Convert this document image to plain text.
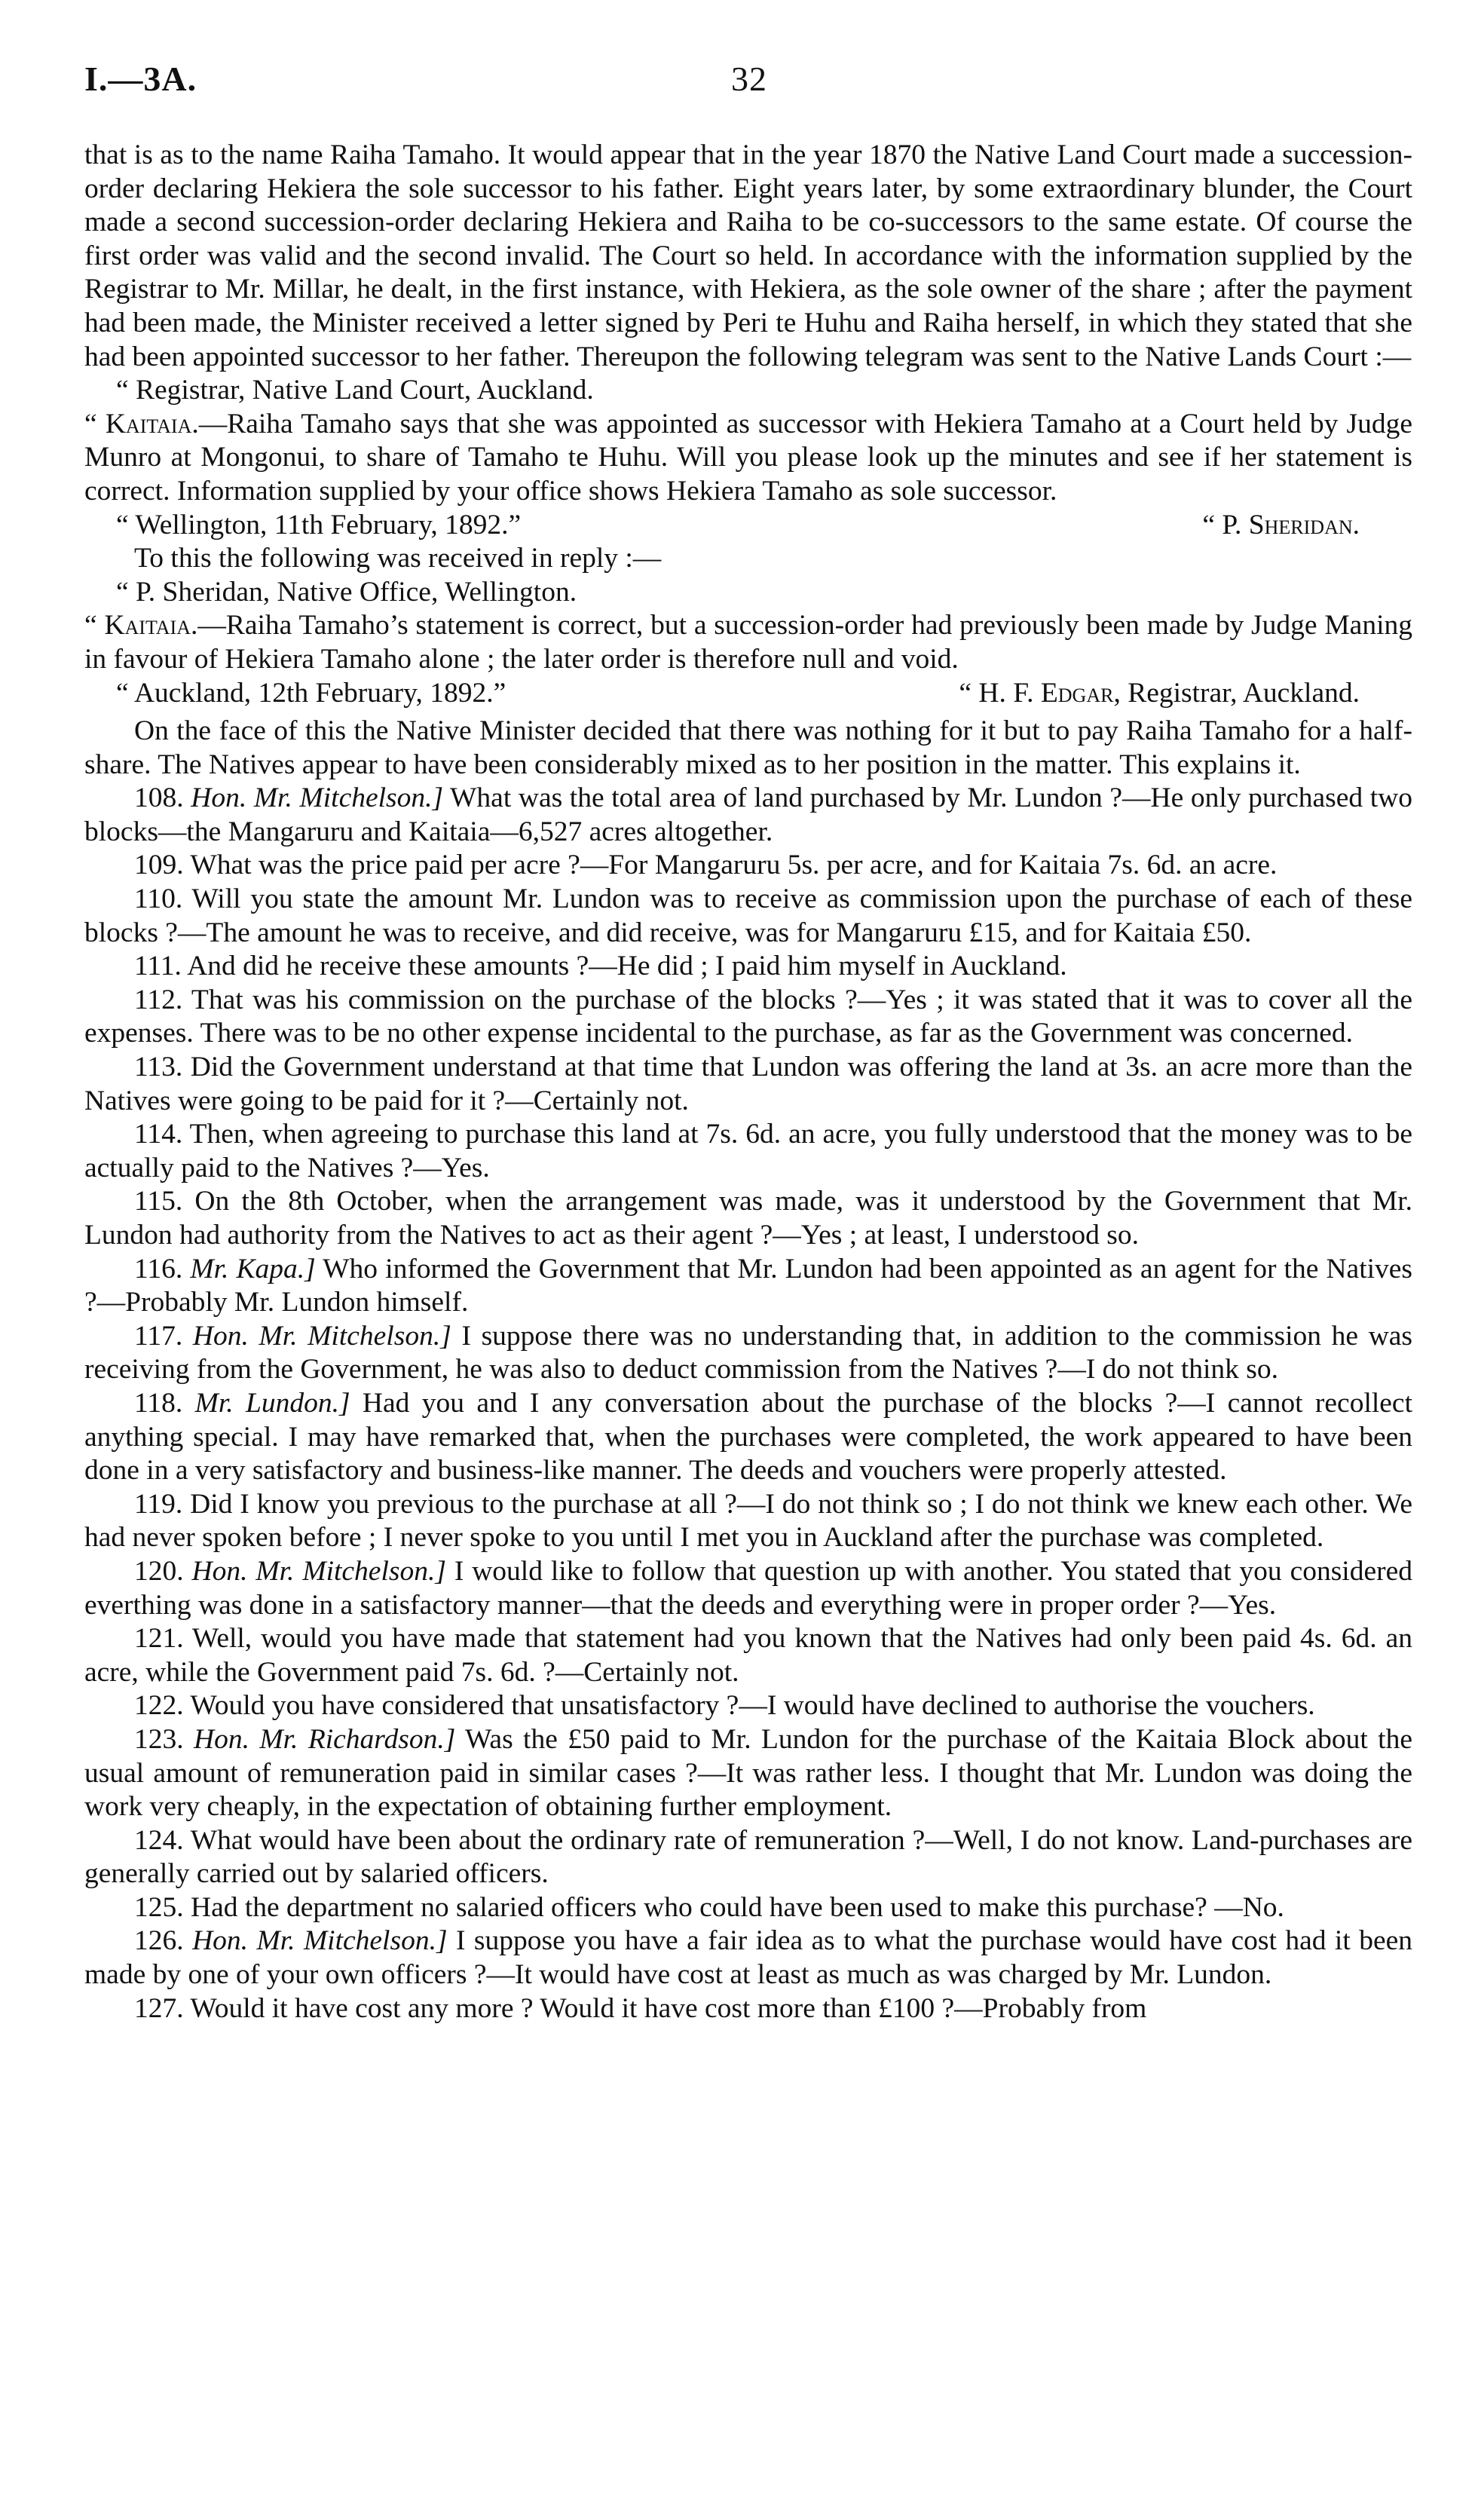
I.—3A.	32

that is as to the name Raiha Tamaho. It would appear that in the year 1870 the Native Land Court made a succession-order declaring Hekiera the sole successor to his father. Eight years later, by some extraordinary blunder, the Court made a second succession-order declaring Hekiera and Raiha to be co-successors to the same estate. Of course the first order was valid and the second invalid. The Court so held. In accordance with the information supplied by the Registrar to Mr. Millar, he dealt, in the first instance, with Hekiera, as the sole owner of the share ; after the payment had been made, the Minister received a letter signed by Peri te Huhu and Raiha herself, in which they stated that she had been appointed successor to her father. Thereupon the following telegram was sent to the Native Lands Court :—

“ Registrar, Native Land Court, Auckland.

“ Kaitaia.—Raiha Tamaho says that she was appointed as successor with Hekiera Tamaho at a Court held by Judge Munro at Mongonui, to share of Tamaho te Huhu. Will you please look up the minutes and see if her statement is correct. Information supplied by your office shows Hekiera Tamaho as sole successor.

“ Wellington, 11th February, 1892.”	“ P. Sheridan.

To this the following was received in reply :—

“ P. Sheridan, Native Office, Wellington.

“ Kaitaia.—Raiha Tamaho’s statement is correct, but a succession-order had previously been made by Judge Maning in favour of Hekiera Tamaho alone ; the later order is therefore null and void.

“ Auckland, 12th February, 1892.”	“ H. F. Edgar, Registrar, Auckland.

On the face of this the Native Minister decided that there was nothing for it but to pay Raiha Tamaho for a half-share. The Natives appear to have been considerably mixed as to her position in the matter. This explains it.

108. Hon. Mr. Mitchelson.] What was the total area of land purchased by Mr. Lundon ?—He only purchased two blocks—the Mangaruru and Kaitaia—6,527 acres altogether.

109. What was the price paid per acre ?—For Mangaruru 5s. per acre, and for Kaitaia 7s. 6d. an acre.

110. Will you state the amount Mr. Lundon was to receive as commission upon the purchase of each of these blocks ?—The amount he was to receive, and did receive, was for Mangaruru £15, and for Kaitaia £50.

111. And did he receive these amounts ?—He did ; I paid him myself in Auckland.

112. That was his commission on the purchase of the blocks ?—Yes ; it was stated that it was to cover all the expenses. There was to be no other expense incidental to the purchase, as far as the Government was concerned.

113. Did the Government understand at that time that Lundon was offering the land at 3s. an acre more than the Natives were going to be paid for it ?—Certainly not.

114. Then, when agreeing to purchase this land at 7s. 6d. an acre, you fully understood that the money was to be actually paid to the Natives ?—Yes.

115. On the 8th October, when the arrangement was made, was it understood by the Government that Mr. Lundon had authority from the Natives to act as their agent ?—Yes ; at least, I understood so.

116. Mr. Kapa.] Who informed the Government that Mr. Lundon had been appointed as an agent for the Natives ?—Probably Mr. Lundon himself.

117. Hon. Mr. Mitchelson.] I suppose there was no understanding that, in addition to the commission he was receiving from the Government, he was also to deduct commission from the Natives ?—I do not think so.

118. Mr. Lundon.] Had you and I any conversation about the purchase of the blocks ?—I cannot recollect anything special. I may have remarked that, when the purchases were completed, the work appeared to have been done in a very satisfactory and business-like manner. The deeds and vouchers were properly attested.

119. Did I know you previous to the purchase at all ?—I do not think so ; I do not think we knew each other. We had never spoken before ; I never spoke to you until I met you in Auckland after the purchase was completed.

120. Hon. Mr. Mitchelson.] I would like to follow that question up with another. You stated that you considered everthing was done in a satisfactory manner—that the deeds and everything were in proper order ?—Yes.

121. Well, would you have made that statement had you known that the Natives had only been paid 4s. 6d. an acre, while the Government paid 7s. 6d. ?—Certainly not.

122. Would you have considered that unsatisfactory ?—I would have declined to authorise the vouchers.

123. Hon. Mr. Richardson.] Was the £50 paid to Mr. Lundon for the purchase of the Kaitaia Block about the usual amount of remuneration paid in similar cases ?—It was rather less. I thought that Mr. Lundon was doing the work very cheaply, in the expectation of obtaining further employment.

124. What would have been about the ordinary rate of remuneration ?—Well, I do not know. Land-purchases are generally carried out by salaried officers.

125. Had the department no salaried officers who could have been used to make this purchase? —No.

126. Hon. Mr. Mitchelson.] I suppose you have a fair idea as to what the purchase would have cost had it been made by one of your own officers ?—It would have cost at least as much as was charged by Mr. Lundon.

127. Would it have cost any more ? Would it have cost more than £100 ?—Probably from
